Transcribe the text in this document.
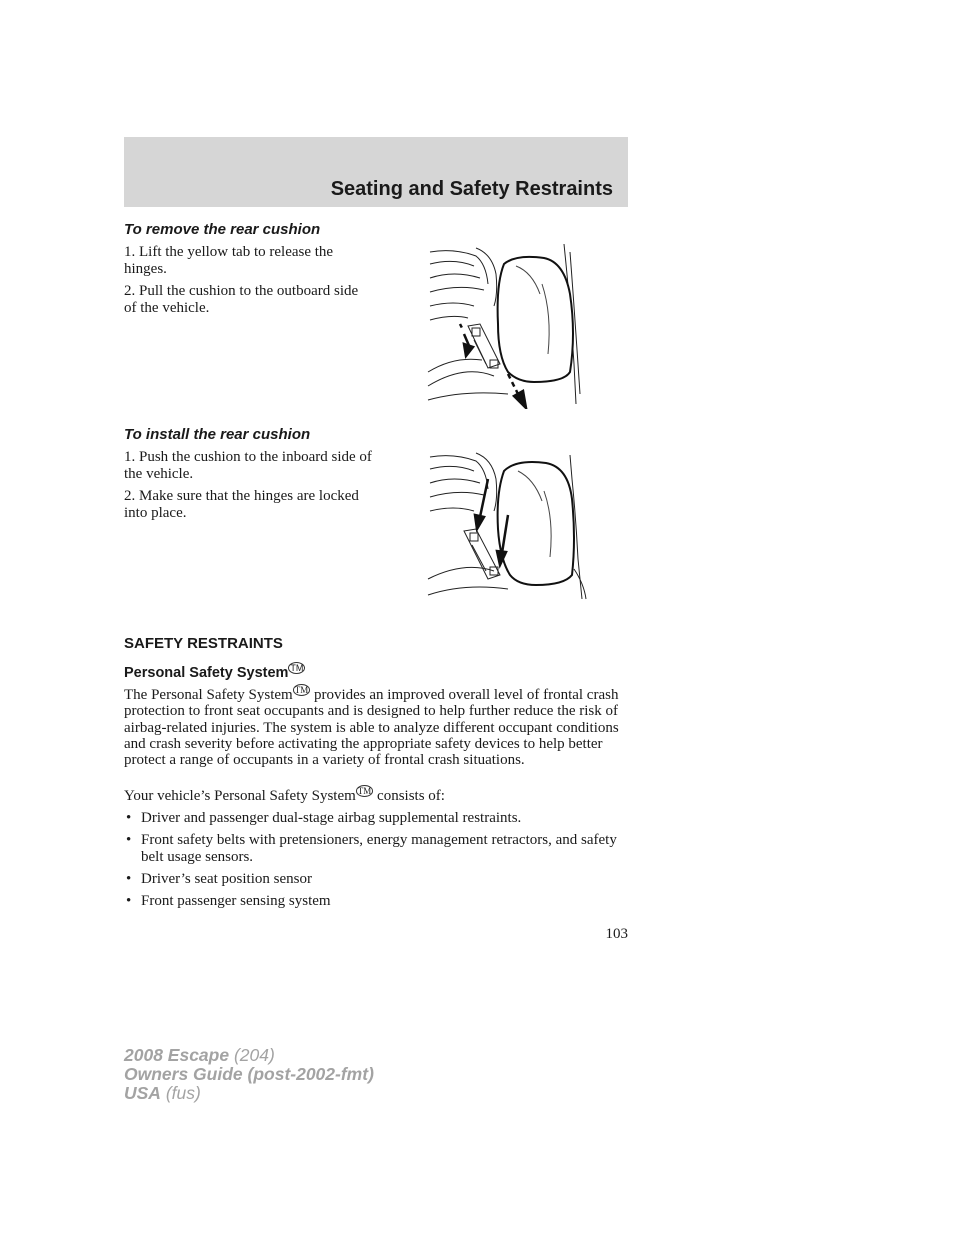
Seating and Safety Restraints
To remove the rear cushion
1. Lift the yellow tab to release the hinges.
2. Pull the cushion to the outboard side of the vehicle.
To install the rear cushion
1. Push the cushion to the inboard side of the vehicle.
2. Make sure that the hinges are locked into place.
SAFETY RESTRAINTS
Personal Safety System ™

The Personal Safety System ™ provides an improved overall level of frontal crash protection to front seat occupants and is designed to help further reduce the risk of airbag-related injuries. The system is able to analyze different occupant conditions and crash severity before activating the appropriate safety devices to help better protect a range of occupants in a variety of frontal crash situations.

Your vehicle’s Personal Safety System ™ consists of:

• Driver and passenger dual-stage airbag supplemental restraints.
• Front safety belts with pretensioners, energy management retractors, and safety belt usage sensors.
• Driver’s seat position sensor
• Front passenger sensing system

103

2008 Escape (204)
Owners Guide (post-2002-fmt)
USA (fus)
